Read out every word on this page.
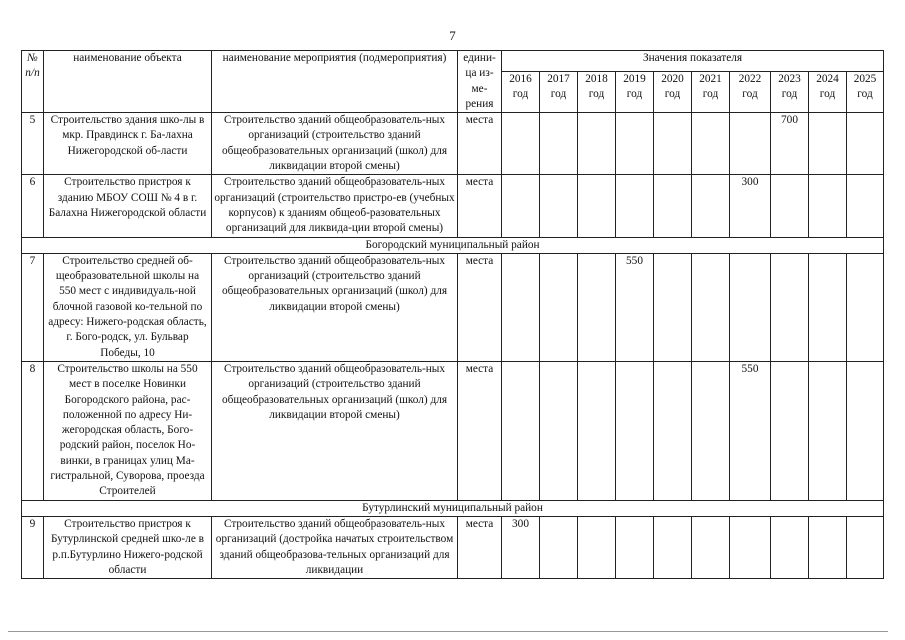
7
№ п/п	наименование объекта	наименование мероприятия (подмероприятия)	едини-ца из-ме-рения	Значения показателя									
				2016 год	2017 год	2018 год	2019 год	2020 год	2021 год	2022 год	2023 год	2024 год	2025 год
5	Строительство здания шко-лы в мкр. Правдинск г. Ба-лахна Нижегородской об-ласти	Строительство зданий общеобразователь-ных организаций (строительство зданий общеобразовательных организаций (школ) для ликвидации второй смены)	места								700		
6	Строительство пристроя к зданию МБОУ СОШ № 4 в г. Балахна Нижегородской области	Строительство зданий общеобразователь-ных организаций (строительство пристро-ев (учебных корпусов) к зданиям общеоб-разовательных организаций для ликвида-ции второй смены)	места							300			
Богородский муниципальный район													
7	Строительство средней об-щеобразовательной школы на 550 мест с индивидуаль-ной блочной газовой ко-тельной по адресу: Нижего-родская область, г. Бого-родск, ул. Бульвар Победы, 10	Строительство зданий общеобразователь-ных организаций (строительство зданий общеобразовательных организаций (школ) для ликвидации второй смены)	места				550						
8	Строительство школы на 550 мест в поселке Новинки Богородского района, рас-положенной по адресу Ни-жегородская область, Бого-родский район, поселок Но-винки, в границах улиц Ма-гистральной, Суворова, проезда Строителей	Строительство зданий общеобразователь-ных организаций (строительство зданий общеобразовательных организаций (школ) для ликвидации второй смены)	места							550			
Бутурлинский муниципальный район													
9	Строительство пристроя к Бутурлинской средней шко-ле в р.п.Бутурлино Нижего-родской области	Строительство зданий общеобразователь-ных организаций (достройка начатых строительством зданий общеобразова-тельных организаций для ликвидации	места	300									
